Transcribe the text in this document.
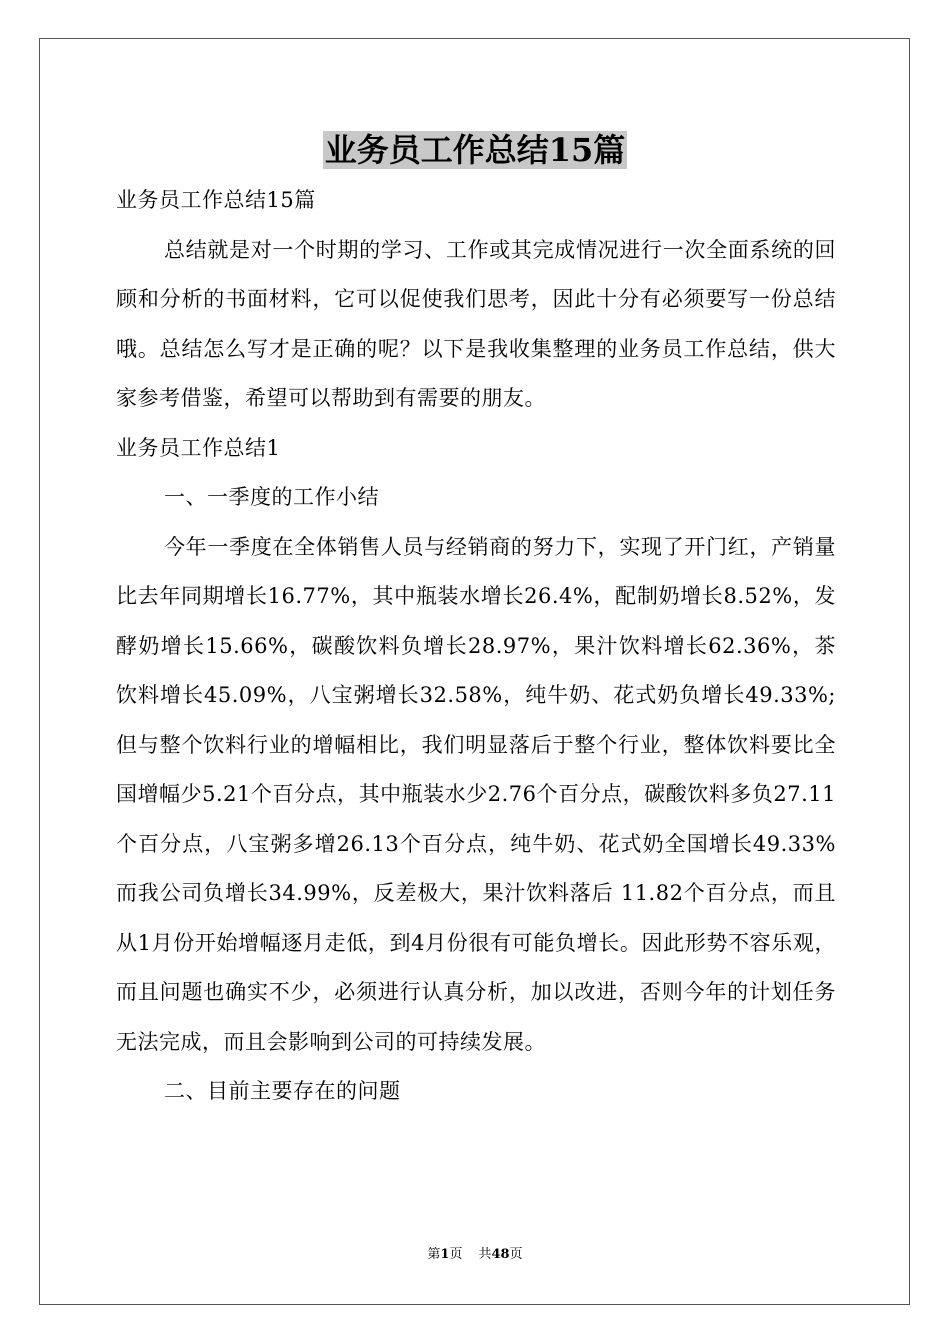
业务员工作总结15篇

业务员工作总结15篇

总结就是对一个时期的学习、工作或其完成情况进行一次全面系统的回顾和分析的书面材料，它可以促使我们思考，因此十分有必须要写一份总结哦。总结怎么写才是正确的呢？以下是我收集整理的业务员工作总结，供大家参考借鉴，希望可以帮助到有需要的朋友。

业务员工作总结1

一、一季度的工作小结

今年一季度在全体销售人员与经销商的努力下，实现了开门红，产销量比去年同期增长16.77%，其中瓶装水增长26.4%，配制奶增长8.52%，发酵奶增长15.66%，碳酸饮料负增长28.97%，果汁饮料增长62.36%，茶饮料增长45.09%，八宝粥增长32.58%，纯牛奶、花式奶负增长49.33%;但与整个饮料行业的增幅相比，我们明显落后于整个行业，整体饮料要比全国增幅少5.21个百分点，其中瓶装水少2.76个百分点，碳酸饮料多负27.11个百分点，八宝粥多增26.13个百分点，纯牛奶、花式奶全国增长49.33%而我公司负增长34.99%，反差极大，果汁饮料落后 11.82个百分点，而且从1月份开始增幅逐月走低，到4月份很有可能负增长。因此形势不容乐观，而且问题也确实不少，必须进行认真分析，加以改进，否则今年的计划任务无法完成，而且会影响到公司的可持续发展。

二、目前主要存在的问题

第1页 共48页
